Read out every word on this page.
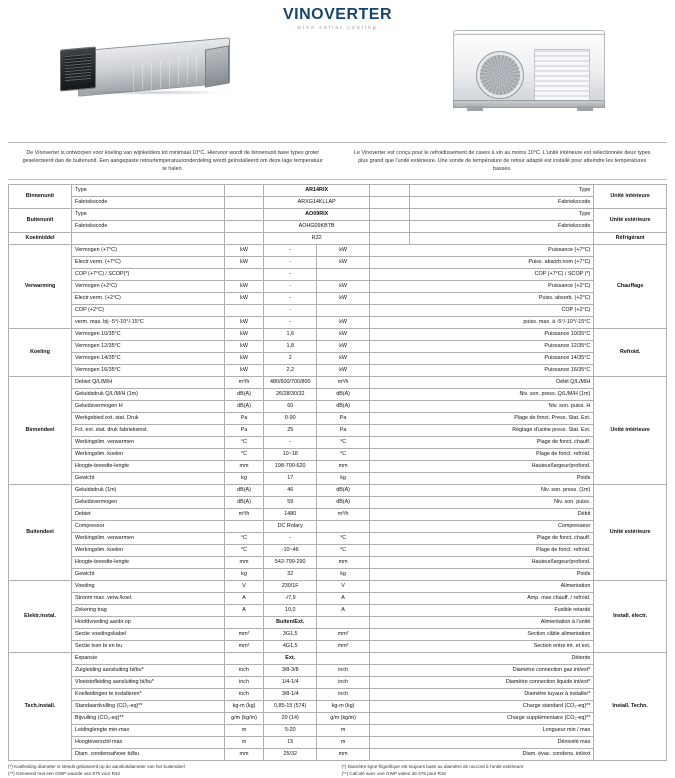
VINOVERTER
wine cellar cooling
De Vinoverter is ontworpen voor koeling van wijnkelders tot minimaal 10°C. Hiervoor wordt de binnenunit twee types groter geselecteerd dan de buitenunit. Een aangepaste retourtemperatuuronderdeling wordt geïnstalleerd om deze lage temperatuur te halen.
Le Vinoverter est conçu pour le refroidissement de caves à vin au moins 10°C. L'unité intérieure est sélectionnée deux types plus grand que l'unité extérieure. Une sonde de température de retour adapté est installé pour atteindre les températures basses.
Binnenunit	Type		AR14RIX			Type	Unité intérieure
	Fabriekscode		ARXG14KLLAP			Fabriekscode	
Buitenunit	Type		AO09RIX			Type	Unité extérieure
	Fabriekscode		AOHG09KBTB			Fabriekscode	
Koelmiddel			R32				Réfrigérant
Verwarming	Vermogen (+7°C)	kW	-	kW	Puissance (+7°C)		Chauffage
	Electr.verm. (+7°C)	kW	-	kW	Puiss. absorb.nom (+7°C)		
	COP (+7°C) / SCOP(*)		-		COP (+7°C) / SCOP (*)		
	Vermogen (+2°C)	kW	-	kW	Puissance (+2°C)		
	Electr.verm. (+2°C)	kW	-	kW	Puiss. absorb. (+2°C)		
	COP (+2°C)		-		COP (+2°C)		
	verm. max. bij -5°/-10°/-15°C	kW	-	kW	puiss. max. à -5°/-10°/-15°C		
Koeling	Vermogen 10/35°C	kW	1,6	kW	Puissance 10/35°C		Refroid.
	Vermogen 12/35°C	kW	1,8	kW	Puissance 12/35°C		
	Vermogen 14/35°C	kW	2	kW	Puissance 14/35°C		
	Vermogen 16/35°C	kW	2,2	kW	Puissance 16/35°C		
Binnendeel	Debiet Q/L/M/H	m³/h	480/600/700/800	m³/h	Débit Q/L/M/H		Unité intérieure
	Geluidsdruk Q/L/M/H (1m)	dB(A)	26/28/30/32	dB(A)	Niv. son. press. Q/L/M/H (1m)		
	Geluidsvermogen H	dB(A)	60	dB(A)	Niv. son. puiss. H		
	Werkgebied ext. stat. Druk	Pa	0-90	Pa	Plage de fonct. Press. Stat. Ext.		
	Fct. ext. stat. druk fabrieksinst.	Pa	25	Pa	Réglage d'usine press. Stat. Ext.		
	Werkingslim. verwarmen	°C	-	°C	Plage de fonct. chauff.		
	Werkingslim. koelen	°C	10~18	°C	Plage de fonct. refroid.		
	Hoogte-breedte-lengte	mm	198-700-620	mm	Hauteur/largeur/profond.		
	Gewicht	kg	17	kg	Poids		
Buitendeel	Geluidsdruk (1m)	dB(A)	46	dB(A)	Niv. son. press. (1m)		Unité extérieure
	Geluidsvermogen	dB(A)	59	dB(A)	Niv. son. puiss.		
	Debiet	m³/h	1480	m³/h	Débit		
	Compressor		DC Rotary		Compresseur		
	Werkingslim. verwarmen	°C	-	°C	Plage de fonct. chauff.		
	Werkingslim. koelen	°C	-10~46	°C	Plage de fonct. refroid.		
	Hoogte-breedte-lengte	mm	542-799-290	mm	Hauteur/largeur/profond.		
	Gewicht	kg	32	kg	Poids		
Elektr.instal.	Voeding	V	230/1F	V	Alimentation		Install. électr.
	Stroom max. verw./koel.	A	-/7,9	A	Amp. max chauff. / refroid.		
	Zekering trag	A	10,0	A	Fusible retardé		
	Hoofdvoeding aanbr.op		Buiten/Ext.		Alimentation à l'unité		
	Sectie voedingskabel	mm²	3G1,5	mm²	Section câble alimentation		
	Sectie tssn bi en bu	mm²	4G1,5	mm²	Section entre int. et ext.		
Tech.install.	Expansie		Ext.		Détente		Install. Techn.
	Zuigleiding aansluiting bi/bu*	inch	3/8-3/8	inch	Diamètre connection gaz int/ext*		
	Vloeistofleiding aansluiting bi/bu*	inch	1/4-1/4	inch	Diamètre connection liquide int/ext*		
	Koelleidingen te installeren*	inch	3/8-1/4	inch	Diamètre tuyaux à installer*		
	Standaardvulling (CO₂-eq)**	kg-m (kg)	0,85-15 (574)	kg-m (kg)	Charge standard (CO₂-eq)**		
	Bijvulling (CO₂-eq)**	g/m (kg/m)	20 (14)	g/m (kg/m)	Charge supplémentaire (CO₂-eq)**		
	Leidinglengte min-max	m	5-20	m	Longueur min / max		
	Hoogteverschil max	m	15	m	Dénivelé max		
	Diam. condensafvoer bi/bu	mm	25/32	mm	Diam. évac. condens. int/ext		
(*) Koelleiding diameter is steeds gebaseerd op de aansluitdiameter van het buitendeel
(**) Gemeend met een GWP waarde van 675 voor R32
(*) Diamètre ligne frigorifique est toujours basé au diamètre de raccord à l'unité extérieure
(**) Calculé avec une GWP valeur de 675 pour R32
